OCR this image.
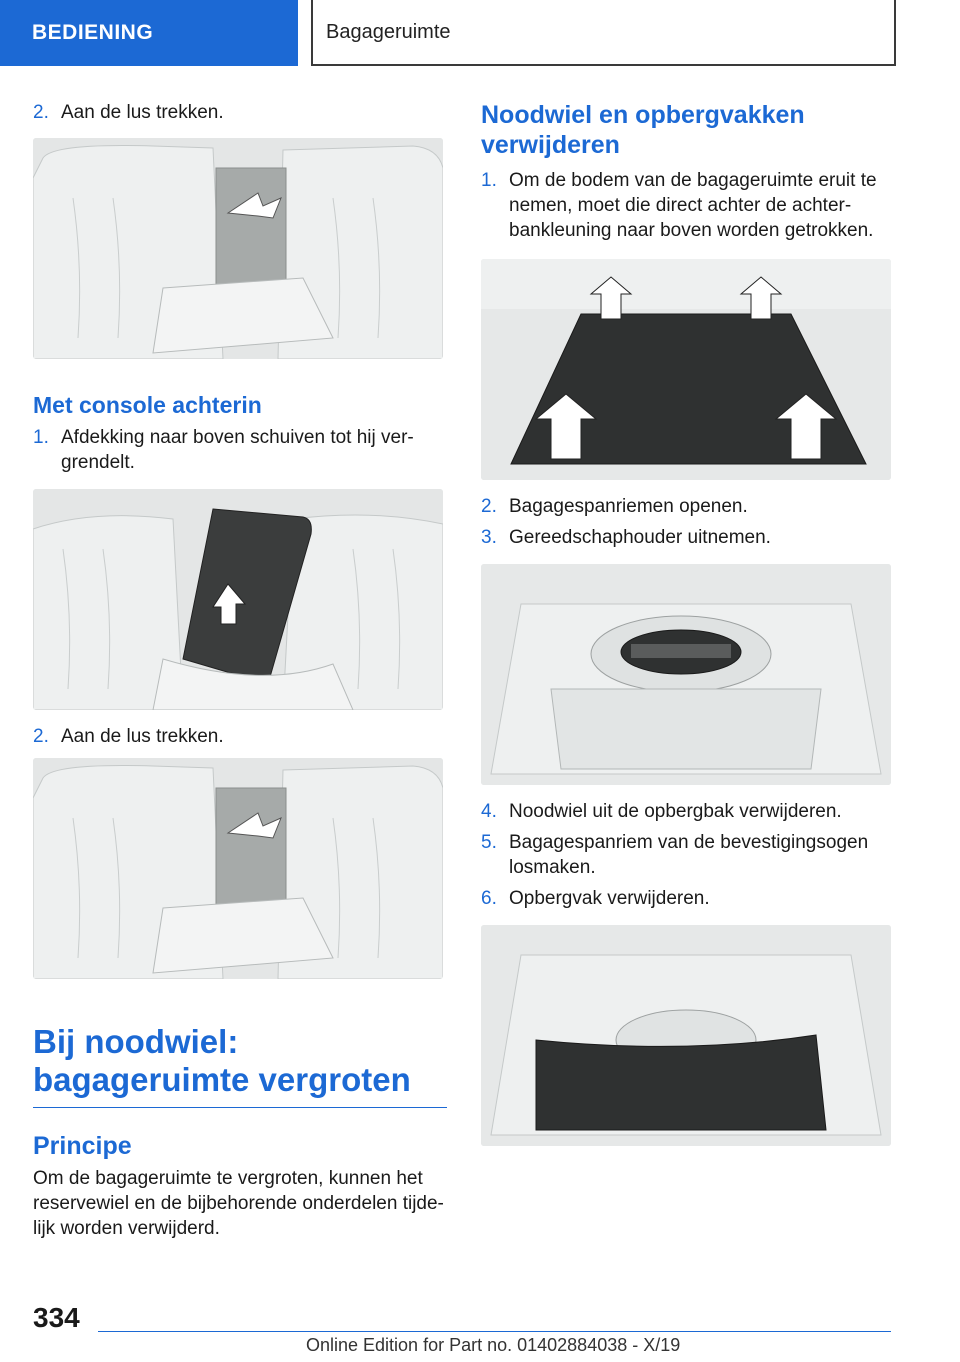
BEDIENING	Bagageruimte
2. Aan de lus trekken.
Met console achterin
1. Afdekking naar boven schuiven tot hij ver-grendelt.
2. Aan de lus trekken.
Bij noodwiel: bagageruimte vergroten
Principe
Om de bagageruimte te vergroten, kunnen het reservewiel en de bijbehorende onderdelen tijde-lijk worden verwijderd.
Noodwiel en opbergvakken verwijderen
1. Om de bodem van de bagageruimte eruit te nemen, moet die direct achter de achter-bankleuning naar boven worden getrokken.
2. Bagagespanriemen openen.
3. Gereedschaphouder uitnemen.
4. Noodwiel uit de opbergbak verwijderen.
5. Bagagespanriem van de bevestigingsogen losmaken.
6. Opbergvak verwijderen.
334
Online Edition for Part no. 01402884038 - X/19
